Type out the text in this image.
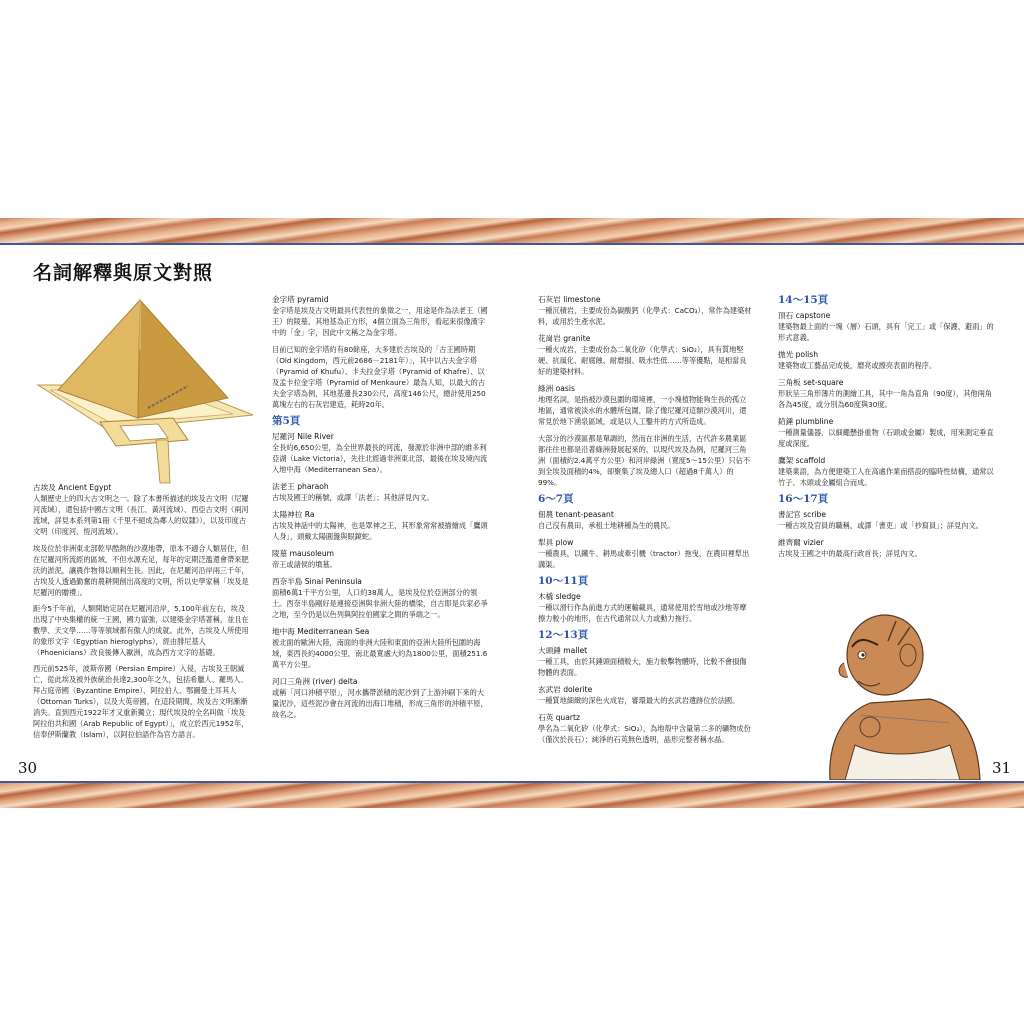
名詞解釋與原文對照
古埃及 Ancient Egypt
人類歷史上的四大古文明之一。除了本書所描述的埃及古文明（尼羅河流域），還包括中國古文明（長江、黃河流域）、西亞古文明（兩河流域，詳見本系列第1冊《千里不絕成為鄰人的奴隸》），以及印度古文明（印度河、恆河流域）。

埃及位於非洲東北部乾旱酷熱的沙漠地帶，原本不適合人類居住，但在尼羅河所流經的區域，不但水源充足，每年的定期泛濫還會帶來肥沃的淤泥，讓農作物得以順利生長。因此，在尼羅河沿岸兩三千年，古埃及人透過勤奮的農耕開創出高度的文明，所以史學家稱「埃及是尼羅河的贈禮」。

距今5千年前，人類開始定居在尼羅河沿岸，5,100年前左右，埃及出現了中央集權的統一王國，國力富強，以建築金字塔著稱，並且在數學、天文學……等等領域都有傲人的成就。此外，古埃及人所使用的象形文字（Egyptian hieroglyphs），經由腓尼基人（Phoenicians）改良後傳入歐洲，成為西方文字的基礎。

西元前525年，波斯帝國（Persian Empire）入侵，古埃及王朝滅亡，從此埃及被外族統治長達2,300年之久，包括希臘人、羅馬人、拜占庭帝國（Byzantine Empire）、阿拉伯人、鄂圖曼土耳其人（Ottoman Turks），以及大英帝國。在這段期間，埃及古文明漸漸消失。直到西元1922年才又重新獨立；現代埃及的全名叫做「埃及阿拉伯共和國（Arab Republic of Egypt）」，成立於西元1952年，信奉伊斯蘭教（Islam），以阿拉伯語作為官方語言。

金字塔 pyramid
金字塔是埃及古文明最具代表性的象徵之一，用途是作為法老王（國王）的陵墓，其地基為正方形，4個立面為三角形，看起來很像漢字中的「金」字，因此中文稱之為金字塔。
目前已知的金字塔約有80餘座，大多建於古埃及的「古王國時期（Old Kingdom，西元前2686－2181年）」，其中以古夫金字塔（Pyramid of Khufu）、卡夫拉金字塔（Pyramid of Khafre）、以及孟卡拉金字塔（Pyramid of Menkaure）最為人知，以最大的古夫金字塔為例，其地基邊長230公尺，高度146公尺，總計使用250萬塊左右的石灰岩建造，耗時20年。
第5頁
尼羅河 Nile River
全長約6,650公里，為全世界最長的河流，發源於非洲中部的維多利亞湖（Lake Victoria），先往北經過非洲東北部，最後在埃及境內流入地中海（Mediterranean Sea）。
法老王 pharaoh
古埃及國王的稱號，或譯「法老」；其他詳見內文。
太陽神拉 Ra
古埃及神話中的太陽神，也是眾神之王，其形象常常被描繪成「鷹頭人身」，頭戴太陽圓盤與眼鏡蛇。
陵墓 mausoleum
帝王或諸侯的墳墓。
西奈半島 Sinai Peninsula
面積6萬1千平方公里，人口約38萬人，是埃及位於亞洲部分的領土。西奈半島剛好是連接亞洲與非洲大陸的橋梁，自古即是兵家必爭之地，至今仍是以色列與阿拉伯國家之間的爭端之一。
地中海 Mediterranean Sea
被北面的歐洲大陸，南面的非洲大陸和東面的亞洲大陸所包圍的海域，東西長約4000公里，南北最寬處大約為1800公里，面積251.6萬平方公里。
河口三角洲 (river) delta
或稱「河口沖積平原」，河水攜帶淤積的泥沙到了上游沖刷下來的大量泥沙，這些泥沙會在河流的出海口堆積，形成三角形的沖積平原，故名之。
石灰岩 limestone
一種沉積岩，主要成份為碳酸鈣（化學式：CaCO₃），常作為建築材料，或用於生產水泥。
花崗岩 granite
一種火成岩，主要成份為二氧化矽（化學式：SiO₂），具有質地堅硬、抗風化、耐腐蝕、耐磨損、吸水性低……等等優點，是相當良好的建築材料。
綠洲 oasis
地理名詞，是指被沙漠包圍的環境裡，一小塊植物能夠生長的孤立地區，通常被淡水的水體所包圍，除了像尼羅河這類沙漠河川，還常見於地下湧泉區域，或是以人工鑿井的方式所造成。
大部分的沙漠區都是單調的，然而在非洲的生活，古代許多農業區都往往也都是沿著綠洲發展起來的，以現代埃及為例，尼羅河三角洲（面積約2.4萬平方公里）和河岸綠洲（寬度5～15公里）只佔不到全埃及面積的4%，卻聚集了埃及總人口（超過8千萬人）的99%。
6～7頁
佃農 tenant-peasant
自己沒有農田，承租土地耕種為生的農民。
犁具 plow
一種農具，以鐵牛、耕馬或牽引機（tractor）拖曳，在農田裡犁出溝渠。
10～11頁
木橇 sledge
一種以滑行作為前進方式的運輸載具，通常使用於雪地或沙地等摩擦力較小的地形，在古代通常以人力或動力拖行。
12～13頁
大頭錘 mallet
一種工具，由於其錘頭面積較大，施力較擊物體時，比較不會損傷物體的表面。
玄武岩 dolerite
一種質地細緻的深色火成岩，審環最大的玄武岩遺跡位於法國。
石英 quartz
學名為二氧化矽（化學式：SiO₂），為地殼中含量第二多的礦物成份（僅次於長石）；純淨的石英無色透明，晶形完整者稱水晶。
14～15頁
頂石 capstone
建築物最上面的一塊（層）石頭，具有「完工」或「保護、避雨」的形式意義。
拋光 polish
建築物或工藝品完成後，磨亮或擦亮表面的程序。
三角板 set-square
形狀呈三角形薄片的測繪工具，其中一角為直角（90度），其他兩角各為45度，或分別為60度與30度。
鉛錘 plumbline
一種測量儀器，以細繩懸掛重物（石頭或金屬）製成，用來測定垂直度或深度。
鷹架 scaffold
建築業語，為方便建築工人在高處作業而搭設的臨時性結構，通常以竹子、木頭或金屬組合而成。
16～17頁
書記官 scribe
一種古埃及官員的職稱，或譯「書吏」或「抄寫員」；詳見內文。
維齊爾 vizier
古埃及王國之中的最高行政首長；詳見內文。
30	31
